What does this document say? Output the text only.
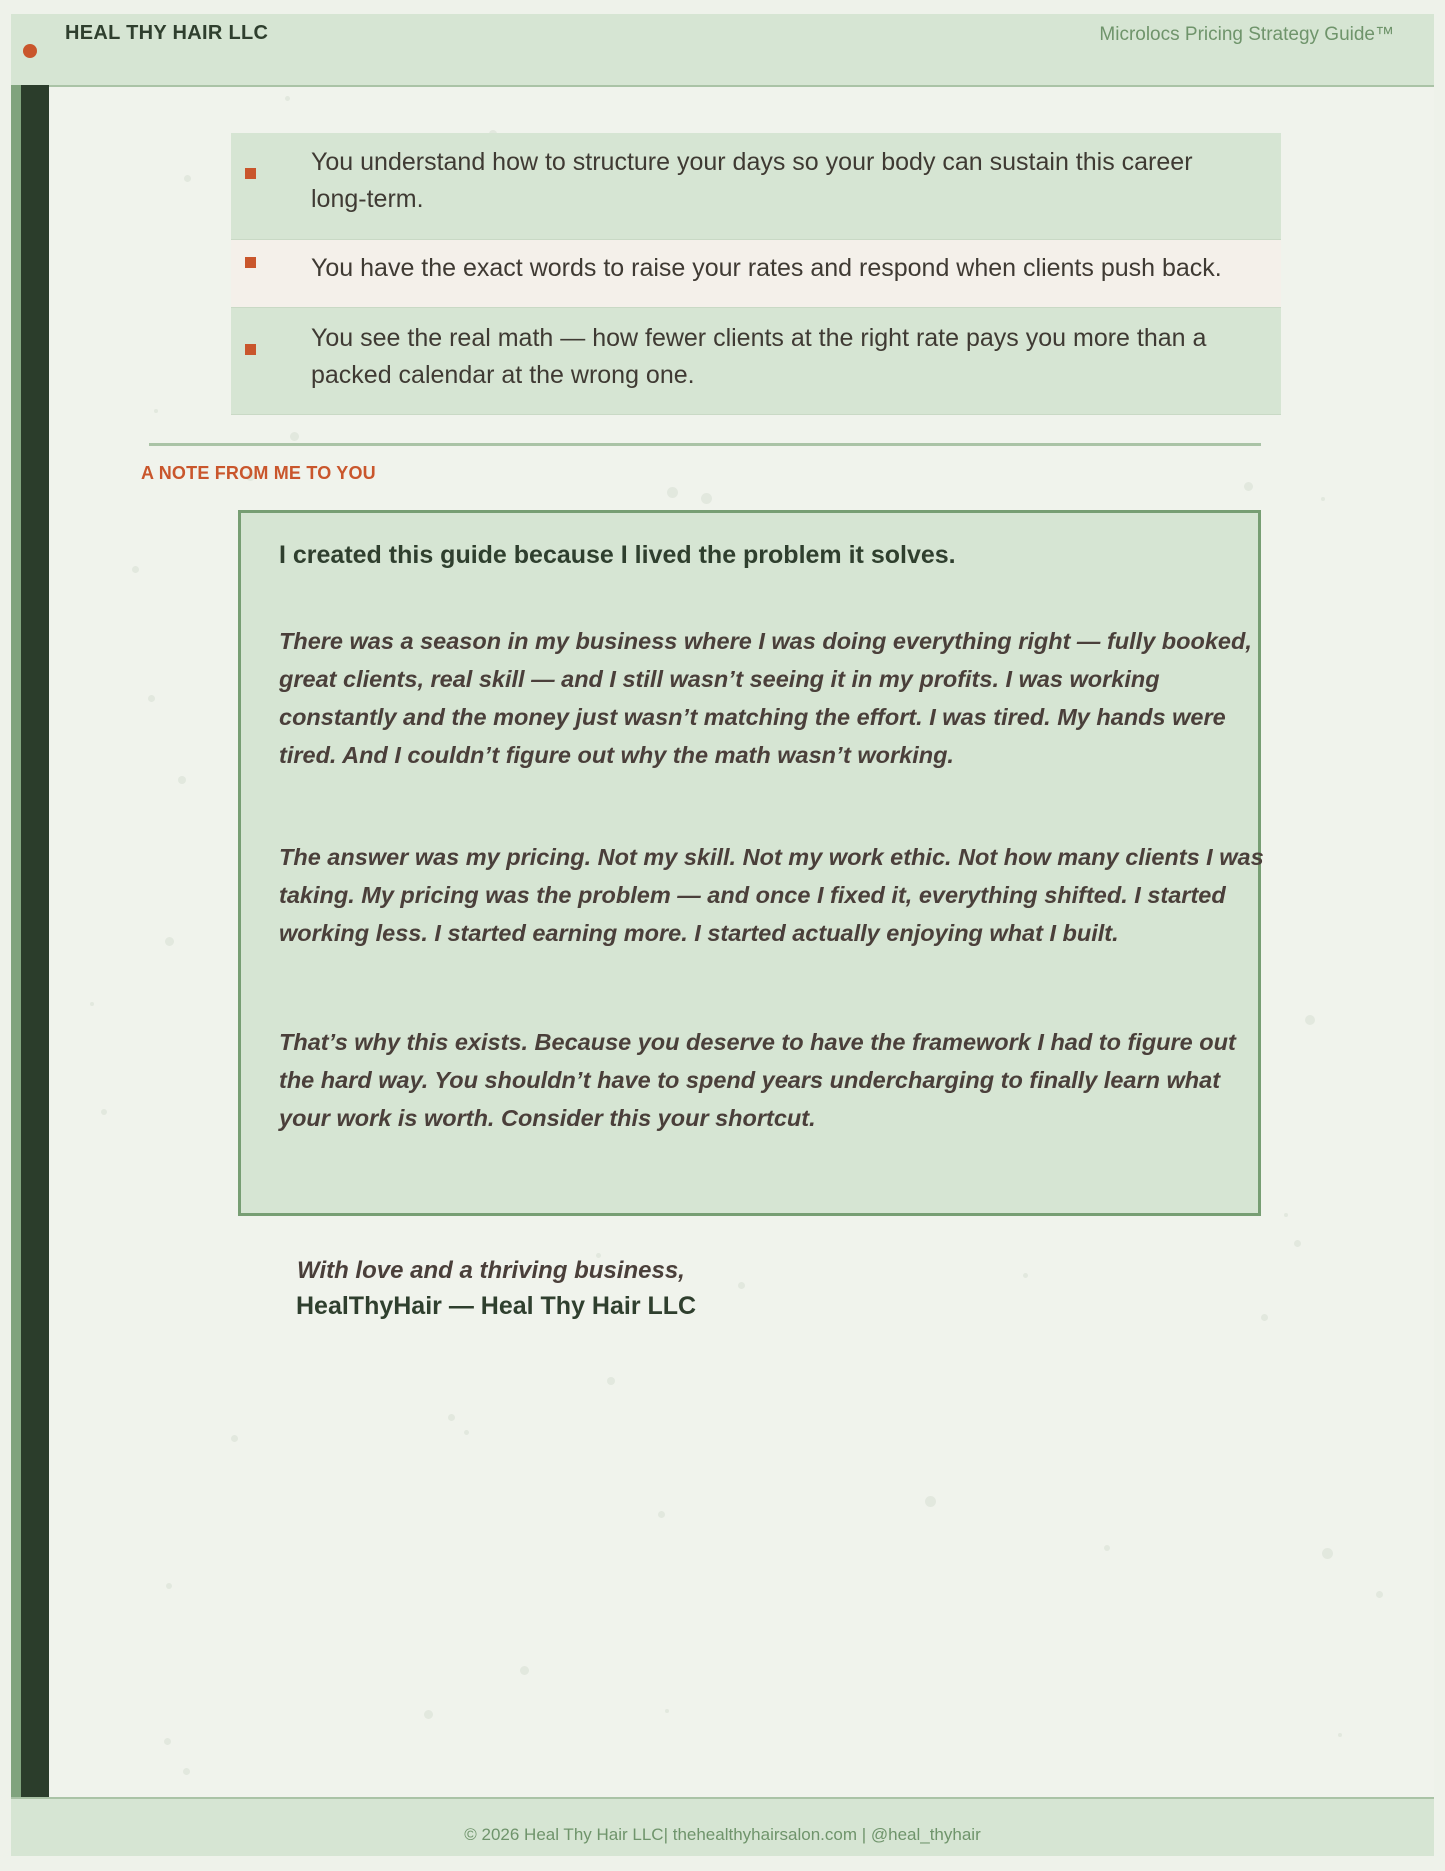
HEAL THY HAIR LLC	Microlocs Pricing Strategy Guide™
You understand how to structure your days so your body can sustain this career long-term.
You have the exact words to raise your rates and respond when clients push back.
You see the real math — how fewer clients at the right rate pays you more than a packed calendar at the wrong one.
A NOTE FROM ME TO YOU
I created this guide because I lived the problem it solves.
There was a season in my business where I was doing everything right — fully booked, great clients, real skill — and I still wasn’t seeing it in my profits. I was working constantly and the money just wasn’t matching the effort. I was tired. My hands were tired. And I couldn’t figure out why the math wasn’t working.
The answer was my pricing. Not my skill. Not my work ethic. Not how many clients I was taking. My pricing was the problem — and once I fixed it, everything shifted. I started working less. I started earning more. I started actually enjoying what I built.
That’s why this exists. Because you deserve to have the framework I had to figure out the hard way. You shouldn’t have to spend years undercharging to finally learn what your work is worth. Consider this your shortcut.
With love and a thriving business,
HealThyHair — Heal Thy Hair LLC
© 2026 Heal Thy Hair LLC| thehealthyhairsalon.com | @heal_thyhair
